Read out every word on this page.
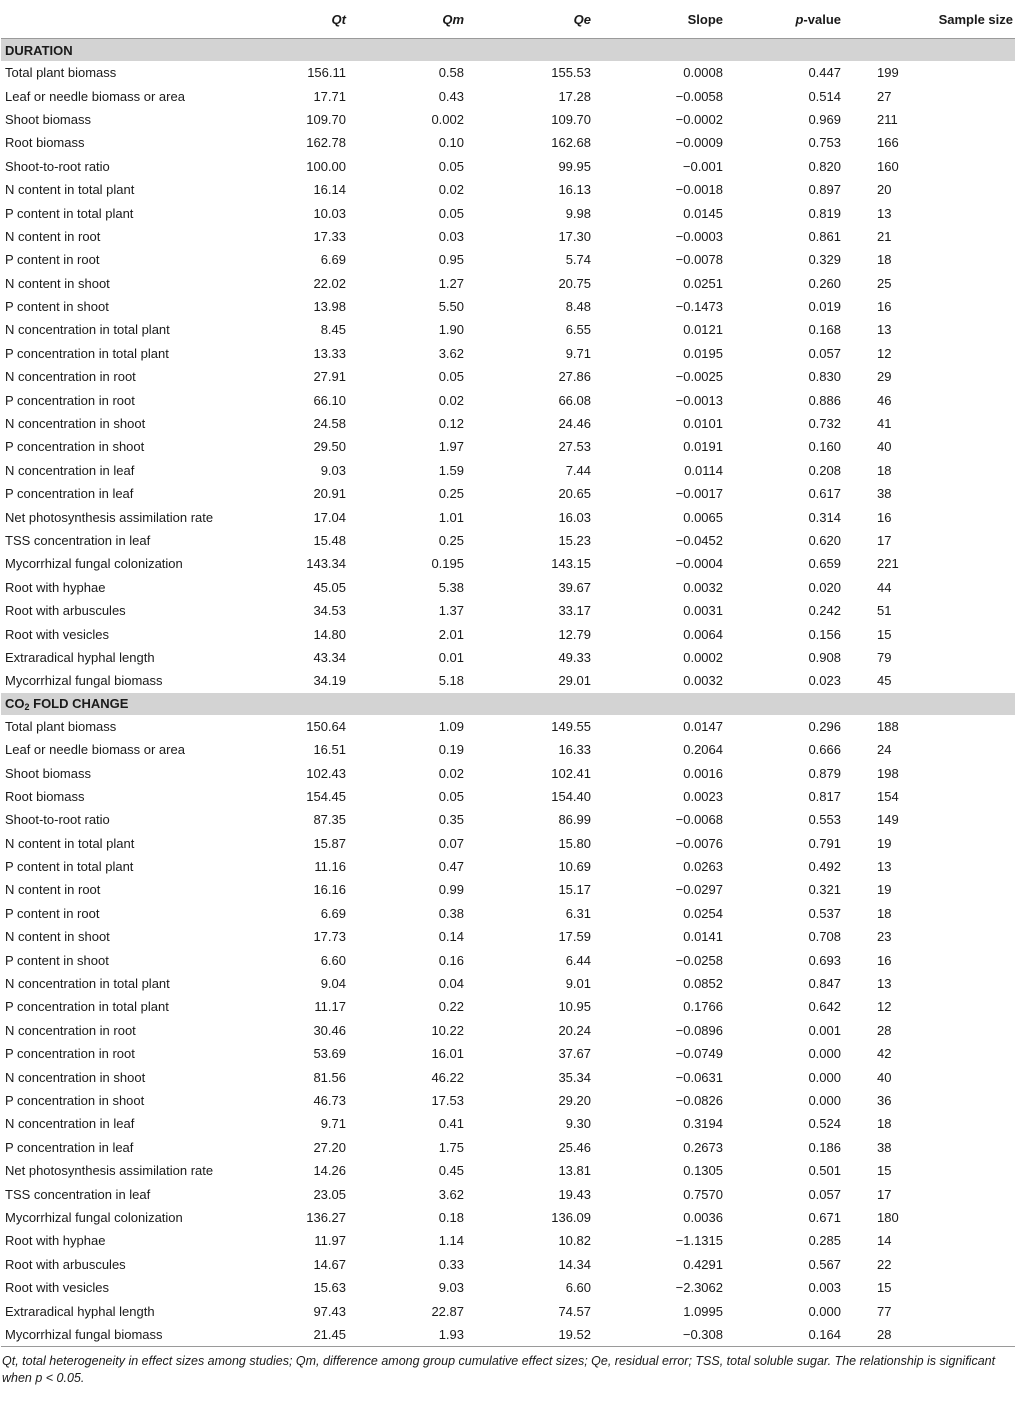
	Qt	Qm	Qe	Slope	p-value	Sample size
DURATION						
Total plant biomass	156.11	0.58	155.53	0.0008	0.447	199
Leaf or needle biomass or area	17.71	0.43	17.28	−0.0058	0.514	27
Shoot biomass	109.70	0.002	109.70	−0.0002	0.969	211
Root biomass	162.78	0.10	162.68	−0.0009	0.753	166
Shoot-to-root ratio	100.00	0.05	99.95	−0.001	0.820	160
N content in total plant	16.14	0.02	16.13	−0.0018	0.897	20
P content in total plant	10.03	0.05	9.98	0.0145	0.819	13
N content in root	17.33	0.03	17.30	−0.0003	0.861	21
P content in root	6.69	0.95	5.74	−0.0078	0.329	18
N content in shoot	22.02	1.27	20.75	0.0251	0.260	25
P content in shoot	13.98	5.50	8.48	−0.1473	0.019	16
N concentration in total plant	8.45	1.90	6.55	0.0121	0.168	13
P concentration in total plant	13.33	3.62	9.71	0.0195	0.057	12
N concentration in root	27.91	0.05	27.86	−0.0025	0.830	29
P concentration in root	66.10	0.02	66.08	−0.0013	0.886	46
N concentration in shoot	24.58	0.12	24.46	0.0101	0.732	41
P concentration in shoot	29.50	1.97	27.53	0.0191	0.160	40
N concentration in leaf	9.03	1.59	7.44	0.0114	0.208	18
P concentration in leaf	20.91	0.25	20.65	−0.0017	0.617	38
Net photosynthesis assimilation rate	17.04	1.01	16.03	0.0065	0.314	16
TSS concentration in leaf	15.48	0.25	15.23	−0.0452	0.620	17
Mycorrhizal fungal colonization	143.34	0.195	143.15	−0.0004	0.659	221
Root with hyphae	45.05	5.38	39.67	0.0032	0.020	44
Root with arbuscules	34.53	1.37	33.17	0.0031	0.242	51
Root with vesicles	14.80	2.01	12.79	0.0064	0.156	15
Extraradical hyphal length	43.34	0.01	49.33	0.0002	0.908	79
Mycorrhizal fungal biomass	34.19	5.18	29.01	0.0032	0.023	45
$CO_2$ FOLD CHANGE						
Total plant biomass	150.64	1.09	149.55	0.0147	0.296	188
Leaf or needle biomass or area	16.51	0.19	16.33	0.2064	0.666	24
Shoot biomass	102.43	0.02	102.41	0.0016	0.879	198
Root biomass	154.45	0.05	154.40	0.0023	0.817	154
Shoot-to-root ratio	87.35	0.35	86.99	−0.0068	0.553	149
N content in total plant	15.87	0.07	15.80	−0.0076	0.791	19
P content in total plant	11.16	0.47	10.69	0.0263	0.492	13
N content in root	16.16	0.99	15.17	−0.0297	0.321	19
P content in root	6.69	0.38	6.31	0.0254	0.537	18
N content in shoot	17.73	0.14	17.59	0.0141	0.708	23
P content in shoot	6.60	0.16	6.44	−0.0258	0.693	16
N concentration in total plant	9.04	0.04	9.01	0.0852	0.847	13
P concentration in total plant	11.17	0.22	10.95	0.1766	0.642	12
N concentration in root	30.46	10.22	20.24	−0.0896	0.001	28
P concentration in root	53.69	16.01	37.67	−0.0749	0.000	42
N concentration in shoot	81.56	46.22	35.34	−0.0631	0.000	40
P concentration in shoot	46.73	17.53	29.20	−0.0826	0.000	36
N concentration in leaf	9.71	0.41	9.30	0.3194	0.524	18
P concentration in leaf	27.20	1.75	25.46	0.2673	0.186	38
Net photosynthesis assimilation rate	14.26	0.45	13.81	0.1305	0.501	15
TSS concentration in leaf	23.05	3.62	19.43	0.7570	0.057	17
Mycorrhizal fungal colonization	136.27	0.18	136.09	0.0036	0.671	180
Root with hyphae	11.97	1.14	10.82	−1.1315	0.285	14
Root with arbuscules	14.67	0.33	14.34	0.4291	0.567	22
Root with vesicles	15.63	9.03	6.60	−2.3062	0.003	15
Extraradical hyphal length	97.43	22.87	74.57	1.0995	0.000	77
Mycorrhizal fungal biomass	21.45	1.93	19.52	−0.308	0.164	28
Qt, total heterogeneity in effect sizes among studies; Qm, difference among group cumulative effect sizes; Qe, residual error; TSS, total soluble sugar. The relationship is significant
when p < 0.05.
